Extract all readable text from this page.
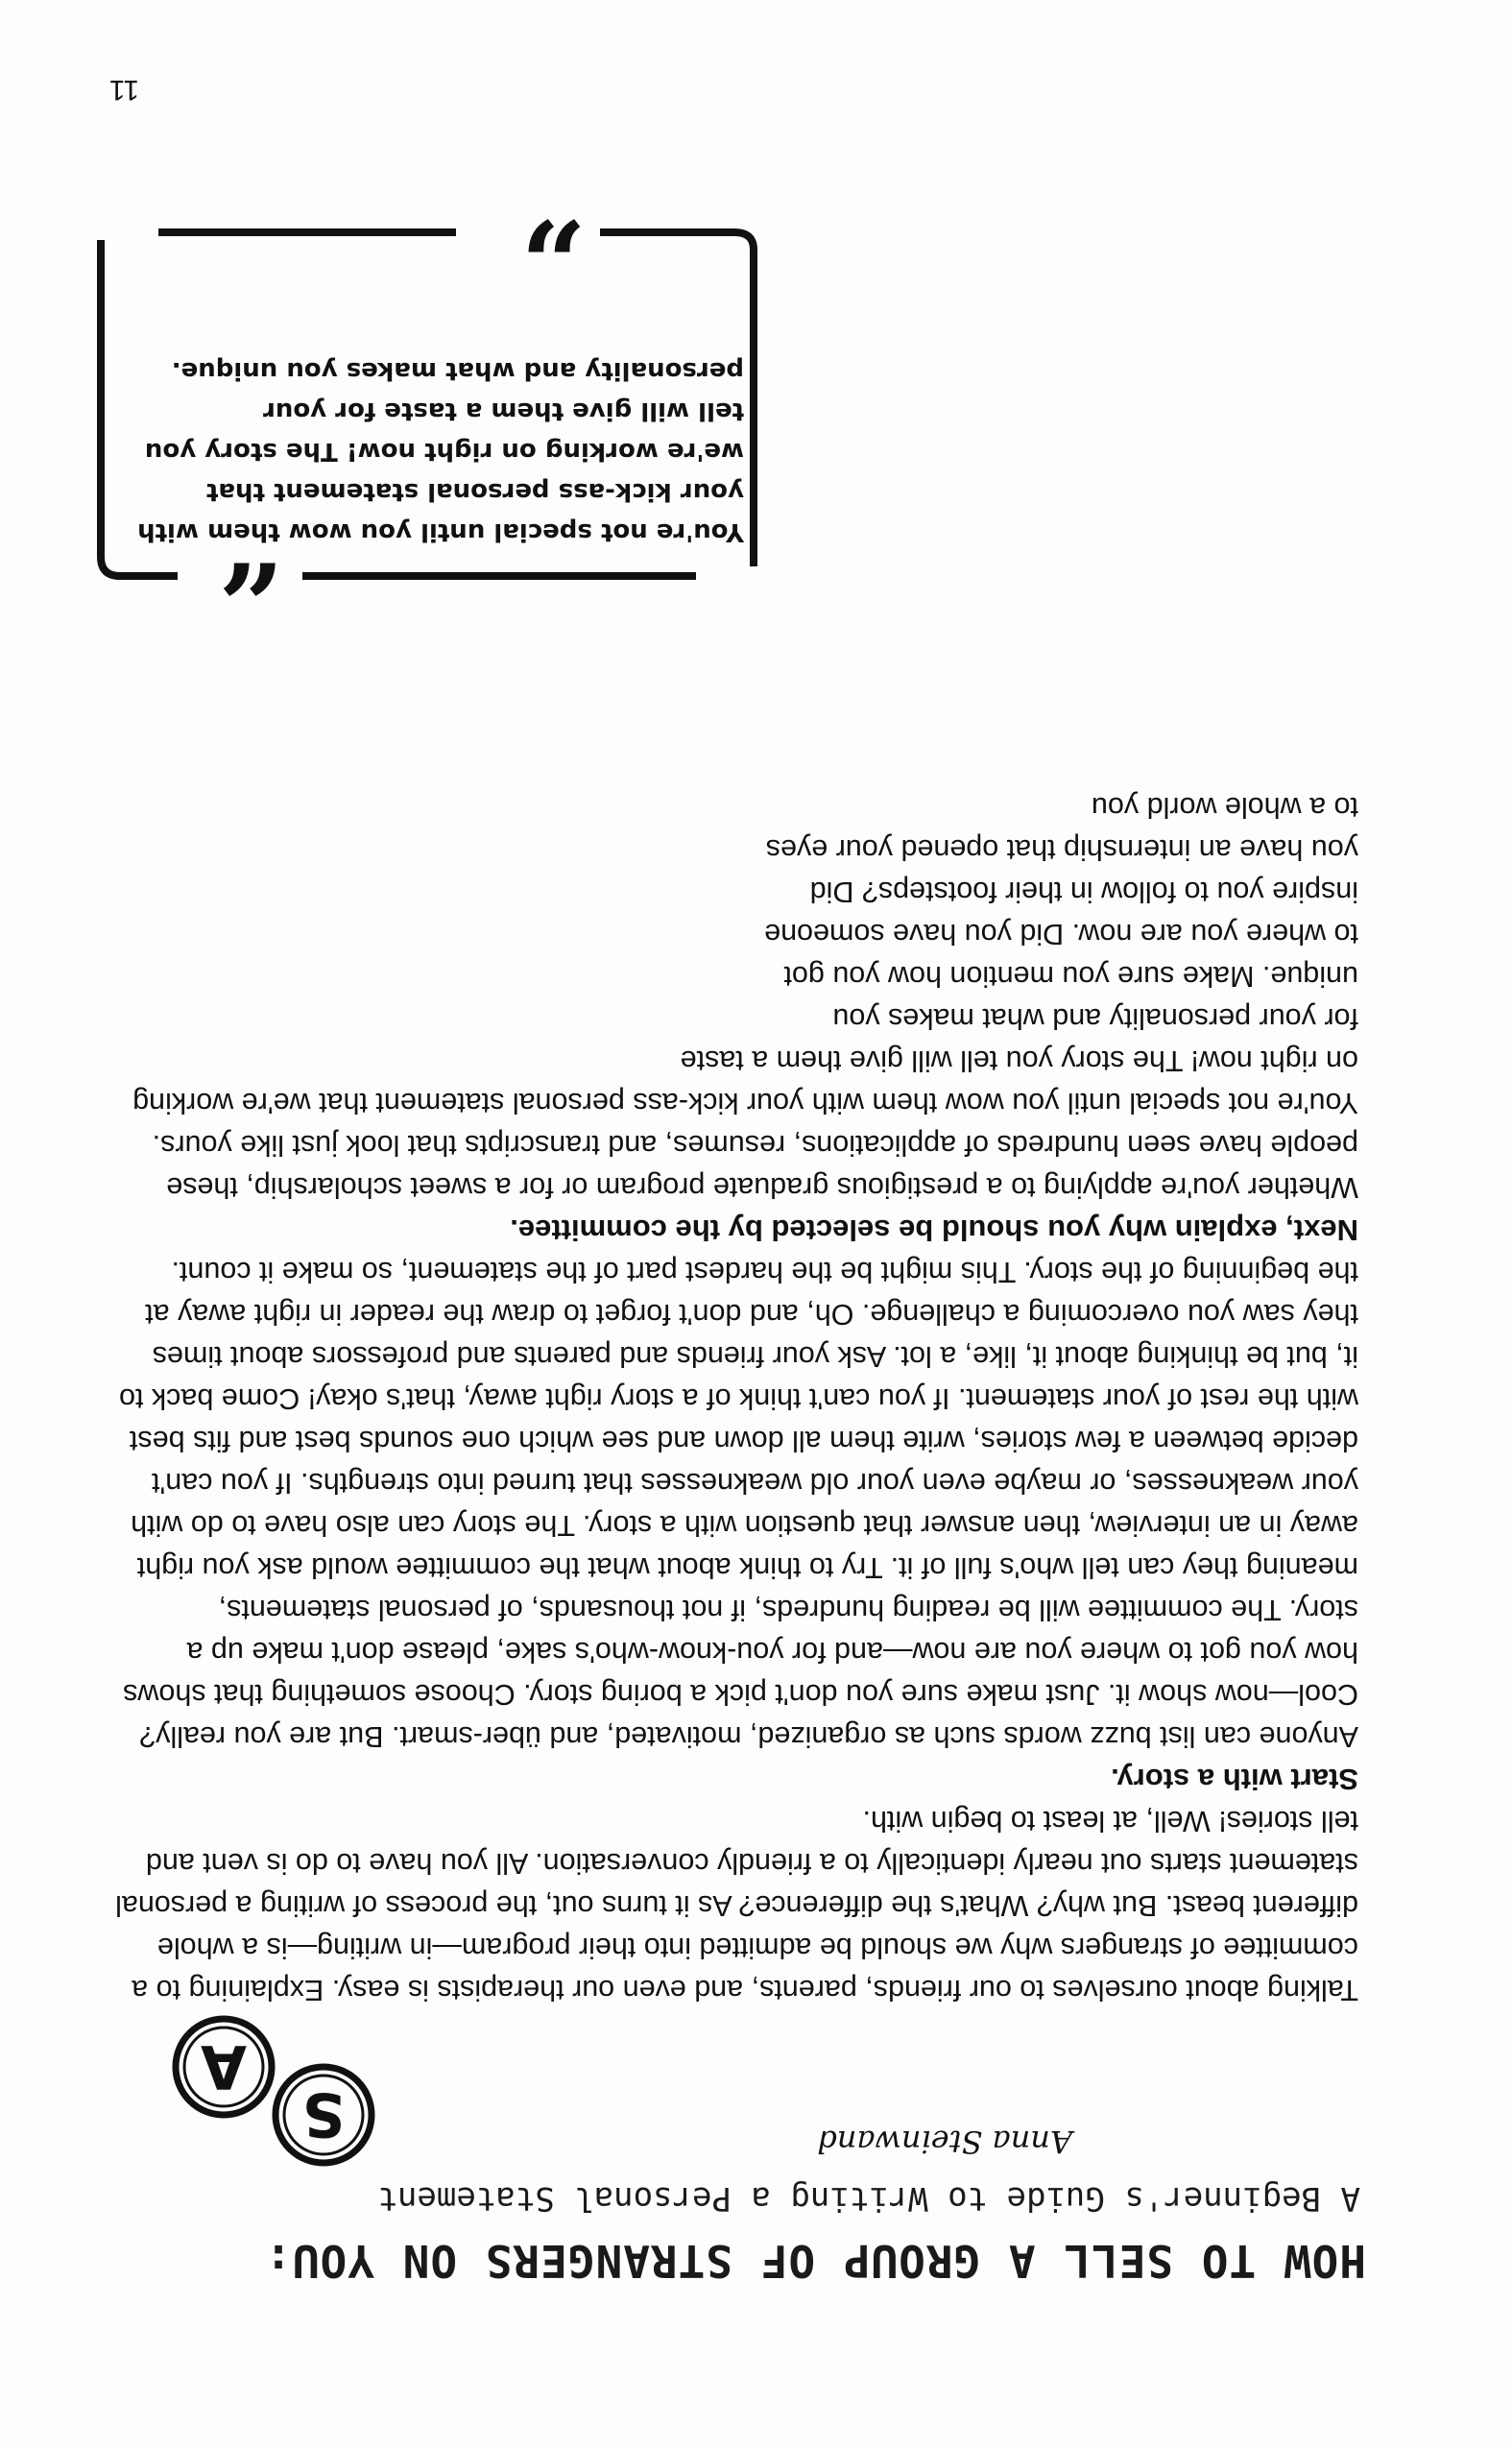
HOW TO SELL A GROUP OF STRANGERS ON YOU:
A Beginner's Guide to Writing a Personal Statement
Anna Steinwand
S
A

Talking about ourselves to our friends, parents, and even our therapists is easy. Explaining to a committee of strangers why we should be admitted into their program—in writing—is a whole different beast. But why? What's the difference? As it turns out, the process of writing a personal statement starts out nearly identically to a friendly conversation. All you have to do is vent and tell stories! Well, at least to begin with.

Start with a story.

Anyone can list buzz words such as organized, motivated, and über-smart. But are you really? Cool—now show it. Just make sure you don't pick a boring story. Choose something that shows how you got to where you are now—and for you-know-who's sake, please don't make up a story. The committee will be reading hundreds, if not thousands, of personal statements, meaning they can tell who's full of it. Try to think about what the committee would ask you right away in an interview, then answer that question with a story. The story can also have to do with your weaknesses, or maybe even your old weaknesses that turned into strengths. If you can't decide between a few stories, write them all down and see which one sounds best and fits best with the rest of your statement. If you can't think of a story right away, that's okay! Come back to it, but be thinking about it, like, a lot. Ask your friends and parents and professors about times they saw you overcoming a challenge. Oh, and don't forget to draw the reader in right away at the beginning of the story. This might be the hardest part of the statement, so make it count.

Next, explain why you should be selected by the committee.

Whether you're applying to a prestigious graduate program or for a sweet scholarship, these people have seen hundreds of applications, resumes, and transcripts that look just like yours. You're not special until you wow them with your kick-ass personal statement that we're working on right now! The story you tell will give them a taste

for your personality and what makes you unique. Make sure you mention how you got to where you are now. Did you have someone inspire you to follow in their footsteps? Did you have an internship that opened your eyes to a whole world you

“
”
You're not special until you wow them with your kick-ass personal statement that we're working on right now! The story you tell will give them a taste for your personality and what makes you unique.
11
